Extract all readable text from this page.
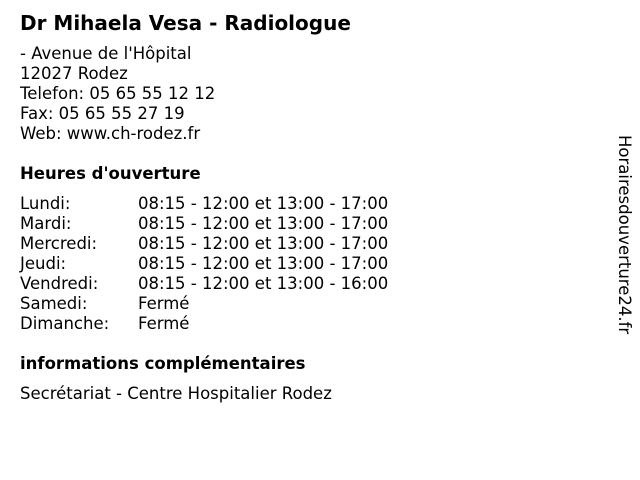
Dr Mihaela Vesa - Radiologue
- Avenue de l'Hôpital
12027 Rodez
Telefon: 05 65 55 12 12
Fax: 05 65 55 27 19
Web: www.ch-rodez.fr
Heures d'ouverture
Lundi:	08:15 - 12:00 et 13:00 - 17:00
Mardi:	08:15 - 12:00 et 13:00 - 17:00
Mercredi:	08:15 - 12:00 et 13:00 - 17:00
Jeudi:	08:15 - 12:00 et 13:00 - 17:00
Vendredi:	08:15 - 12:00 et 13:00 - 16:00
Samedi:	Fermé
Dimanche:	Fermé
informations complémentaires
Secrétariat - Centre Hospitalier Rodez
Horairesdouverture24.fr
